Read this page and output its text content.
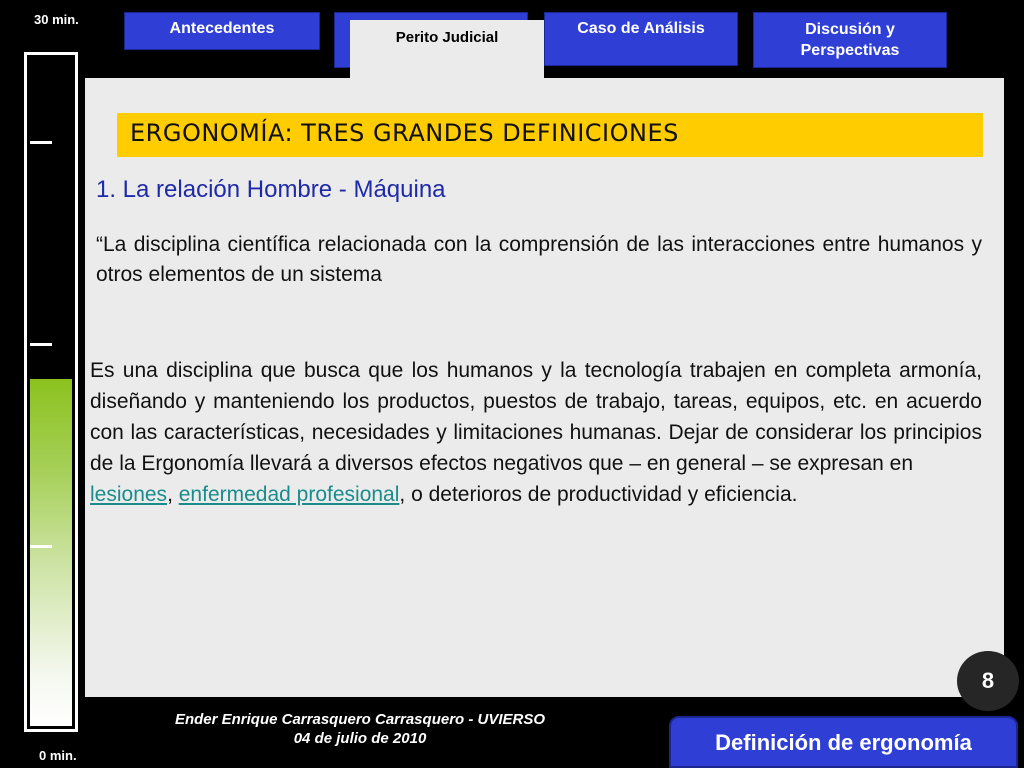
30 min.
0 min.
Antecedentes
Perito Judicial
Caso de Análisis	Discusión y
Perspectivas
ERGONOMÍA: TRES GRANDES DEFINICIONES
1. La relación Hombre - Máquina
“La disciplina científica relacionada con la comprensión de las interacciones entre humanos y otros elementos de un sistema
Es una disciplina que busca que los humanos y la tecnología trabajen en completa armonía, diseñando y manteniendo los productos, puestos de trabajo, tareas, equipos, etc. en acuerdo con las características, necesidades y limitaciones humanas. Dejar de considerar los principios de la Ergonomía llevará a diversos efectos negativos que – en general – se expresan en
lesiones, enfermedad profesional, o deterioros de productividad y eficiencia.
8
Ender Enrique Carrasquero Carrasquero - UVIERSO
04 de julio de 2010	Definición de ergonomía
